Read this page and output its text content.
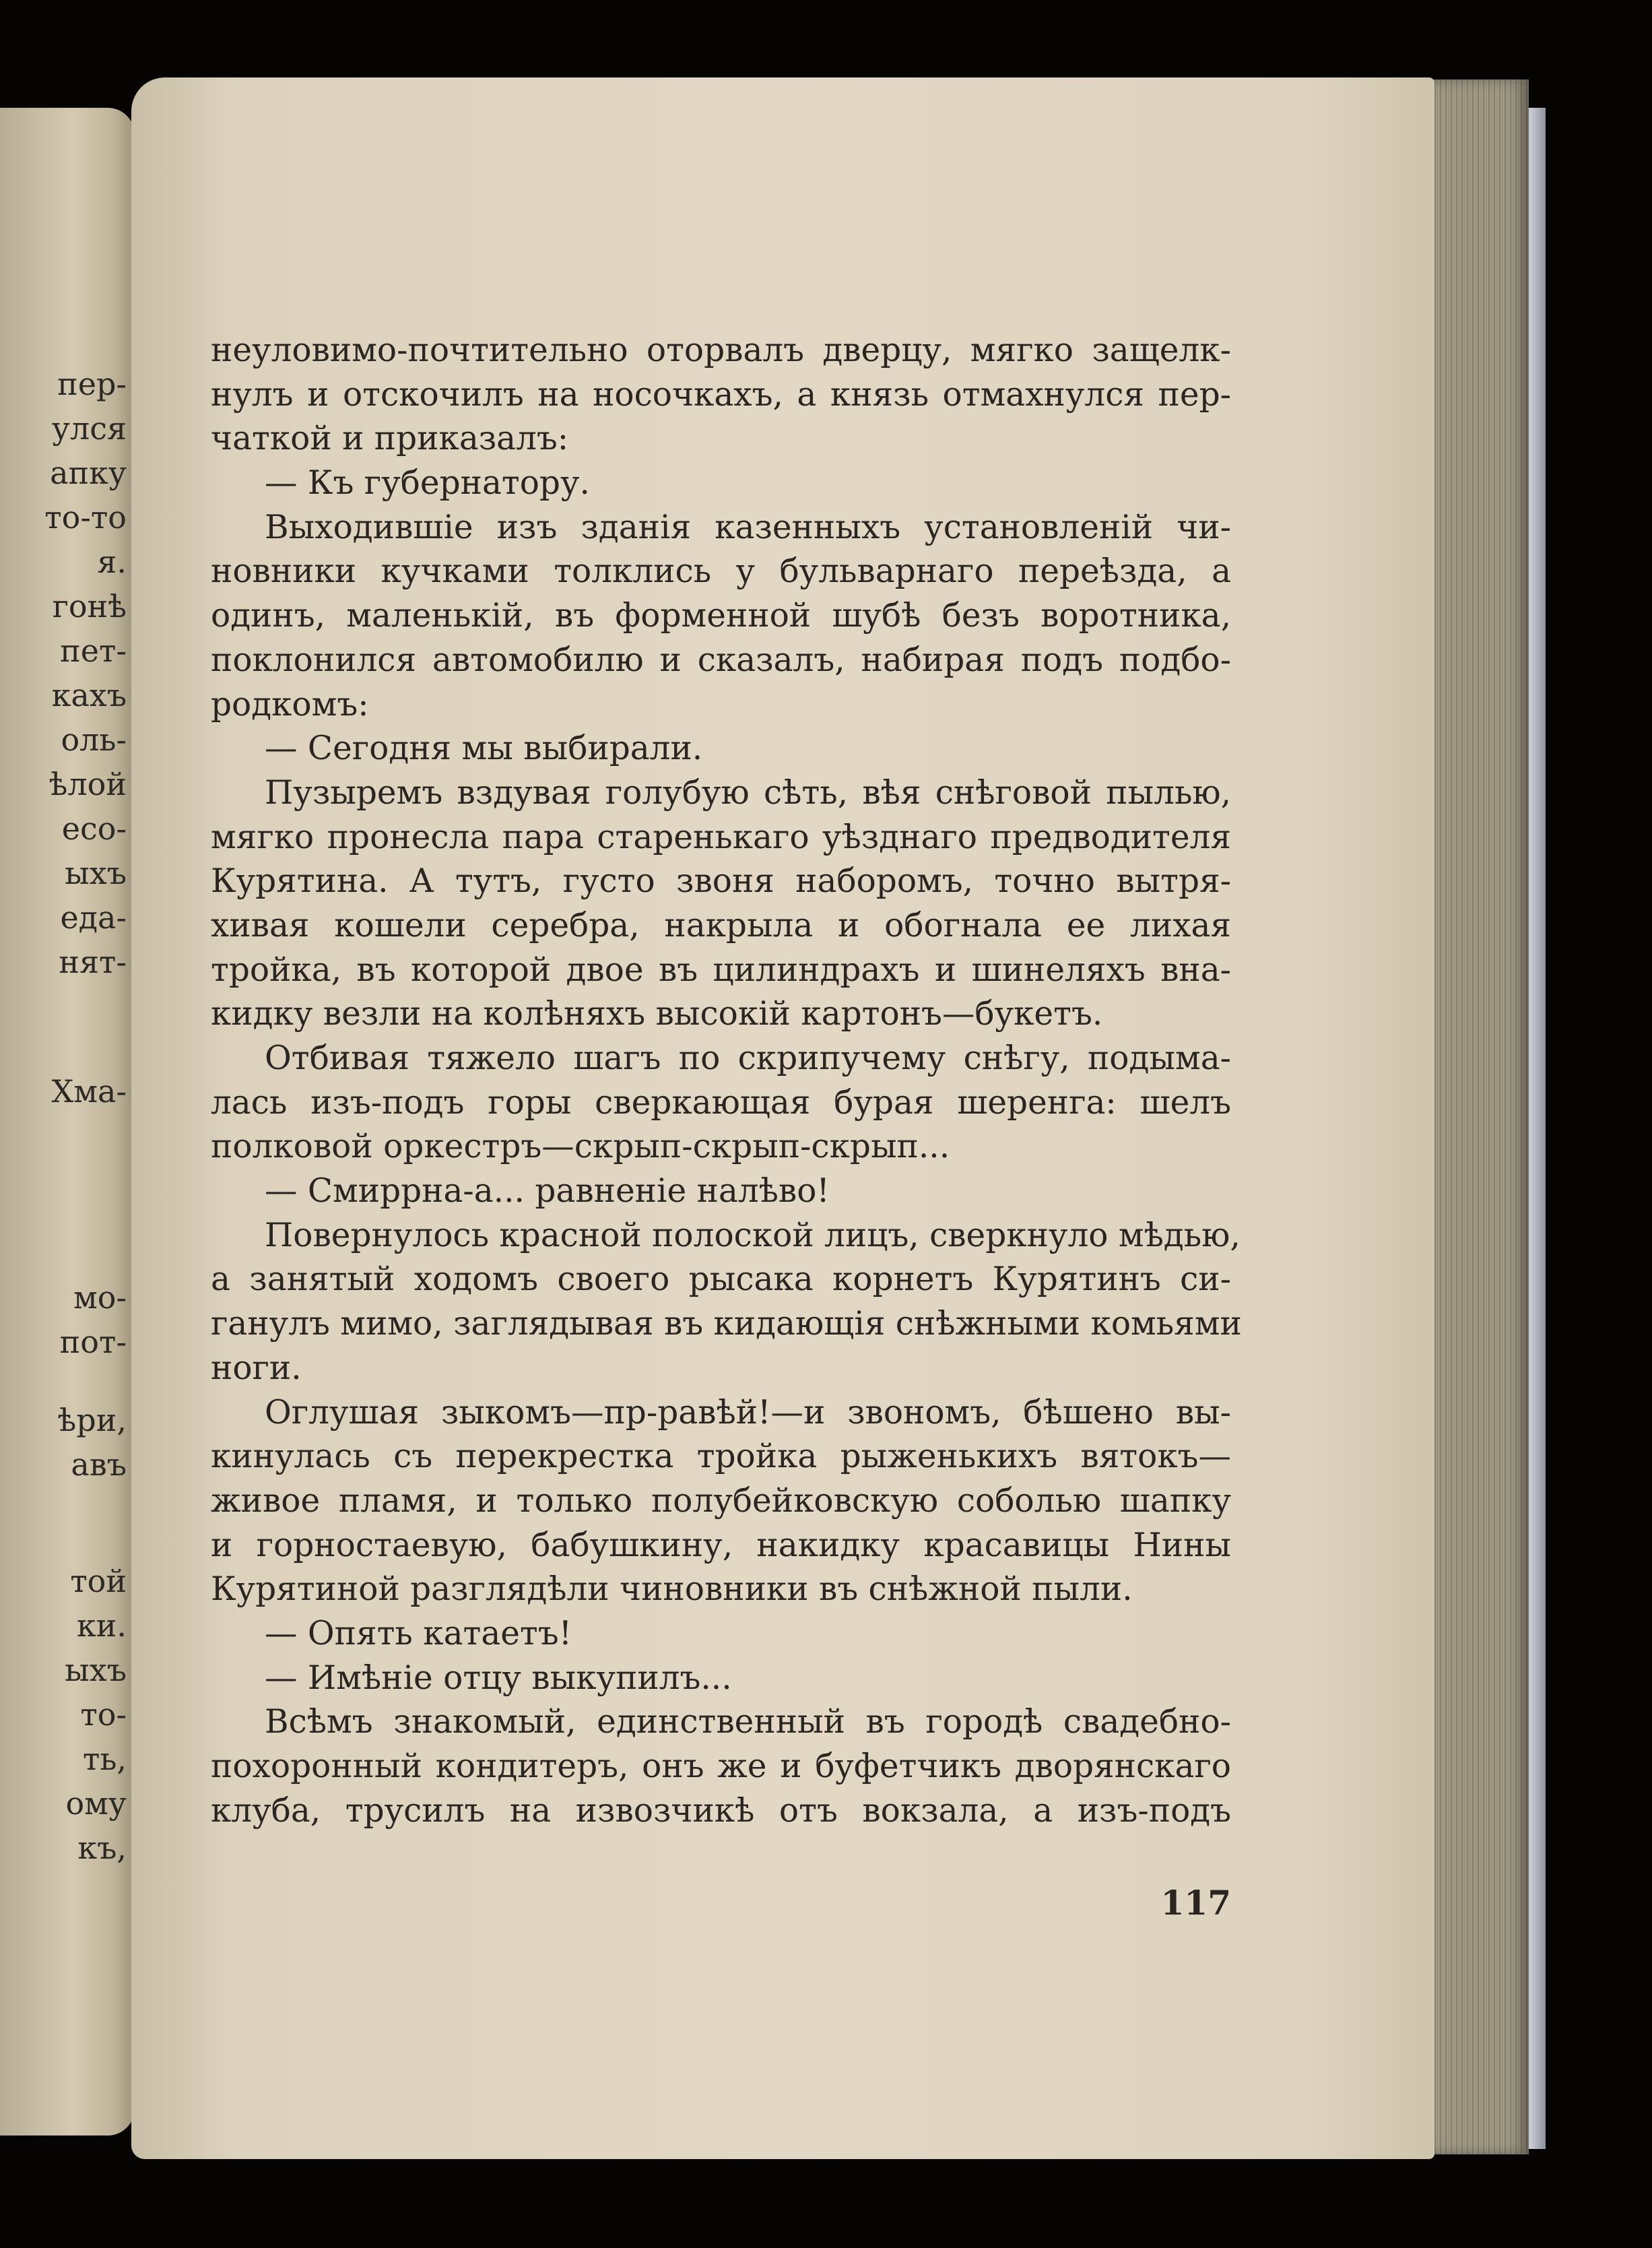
пер-
улся
апку
то-то
я.
гонѣ
пет-
кахъ
оль-
ѣлой
ecо-
ыхъ
еда-
нят-
Хма-
мо-
пот-
ѣри,
авъ
той
ки.
ыхъ
то-
ть,
ому
къ,
неуловимо-почтительно оторвалъ дверцу, мягко защелк-
нулъ и отскочилъ на носочкахъ, а князь отмахнулся пер-
чаткой и приказалъ:
— Къ губернатору.
Выходившіе изъ зданія казенныхъ установленій чи-
новники кучками толклись у бульварнаго переѣзда, а
одинъ, маленькій, въ форменной шубѣ безъ воротника,
поклонился автомобилю и сказалъ, набирая подъ подбо-
родкомъ:
— Сегодня мы выбирали.
Пузыремъ вздувая голубую сѣть, вѣя снѣговой пылью,
мягко пронесла пара старенькаго уѣзднаго предводителя
Курятина. А тутъ, густо звоня наборомъ, точно вытря-
хивая кошели серебра, накрыла и обогнала ее лихая
тройка, въ которой двое въ цилиндрахъ и шинеляхъ вна-
кидку везли на колѣняхъ высокій картонъ—букетъ.
Отбивая тяжело шагъ по скрипучему снѣгу, подыма-
лась изъ-подъ горы сверкающая бурая шеренга: шелъ
полковой оркестръ—скрып-скрып-скрып...
— Смиррна-а... равненіе налѣво!
Повернулось красной полоской лицъ, сверкнуло мѣдью,
а занятый ходомъ своего рысака корнетъ Курятинъ си-
ганулъ мимо, заглядывая въ кидающія снѣжными комьями
ноги.
Оглушая зыкомъ—пр-равѣй!—и звономъ, бѣшено вы-
кинулась съ перекрестка тройка рыженькихъ вятокъ—
живое пламя, и только полубейковскую соболью шапку
и горностаевую, бабушкину, накидку красавицы Нины
Курятиной разглядѣли чиновники въ снѣжной пыли.
— Опять катаетъ!
— Имѣніе отцу выкупилъ...
Всѣмъ знакомый, единственный въ городѣ свадебно-
похоронный кондитеръ, онъ же и буфетчикъ дворянскаго
клуба, трусилъ на извозчикѣ отъ вокзала, а изъ-подъ
117
